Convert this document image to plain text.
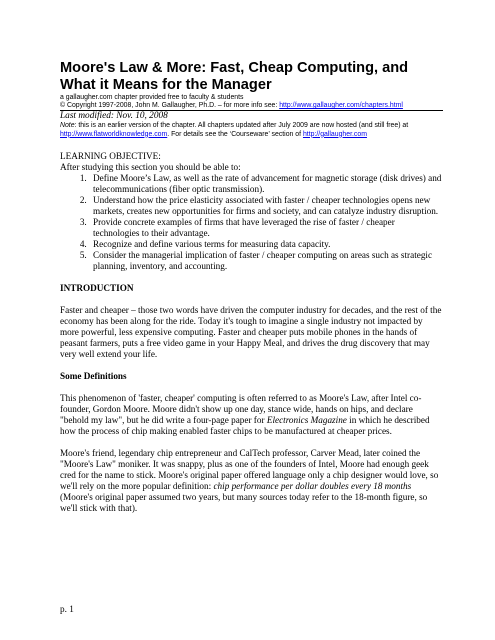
Moore's Law & More: Fast, Cheap Computing, and What it Means for the Manager

a gallaugher.com chapter provided free to faculty & students

© Copyright 1997-2008, John M. Gallaugher, Ph.D. – for more info see: http://www.gallaugher.com/chapters.html

Last modified: Nov. 10, 2008

Note: this is an earlier version of the chapter. All chapters updated after July 2009 are now hosted (and still free) at

http://www.flatworldknowledge.com. For details see the ‘Courseware’ section of http://gallaugher.com

LEARNING OBJECTIVE:

After studying this section you should be able to:

1. Define Moore’s Law, as well as the rate of advancement for magnetic storage (disk drives) and telecommunications (fiber optic transmission).
2. Understand how the price elasticity associated with faster / cheaper technologies opens new markets, creates new opportunities for firms and society, and can catalyze industry disruption.
3. Provide concrete examples of firms that have leveraged the rise of faster / cheaper technologies to their advantage.
4. Recognize and define various terms for measuring data capacity.
5. Consider the managerial implication of faster / cheaper computing on areas such as strategic planning, inventory, and accounting.

INTRODUCTION

Faster and cheaper – those two words have driven the computer industry for decades, and the rest of the economy has been along for the ride. Today it's tough to imagine a single industry not impacted by more powerful, less expensive computing. Faster and cheaper puts mobile phones in the hands of peasant farmers, puts a free video game in your Happy Meal, and drives the drug discovery that may very well extend your life.

Some Definitions

This phenomenon of 'faster, cheaper' computing is often referred to as Moore's Law, after Intel co-founder, Gordon Moore. Moore didn't show up one day, stance wide, hands on hips, and declare "behold my law", but he did write a four-page paper for Electronics Magazine in which he described how the process of chip making enabled faster chips to be manufactured at cheaper prices.

Moore's friend, legendary chip entrepreneur and CalTech professor, Carver Mead, later coined the "Moore's Law" moniker. It was snappy, plus as one of the founders of Intel, Moore had enough geek cred for the name to stick. Moore's original paper offered language only a chip designer would love, so we'll rely on the more popular definition: chip performance per dollar doubles every 18 months (Moore's original paper assumed two years, but many sources today refer to the 18-month figure, so we'll stick with that).

p. 1
